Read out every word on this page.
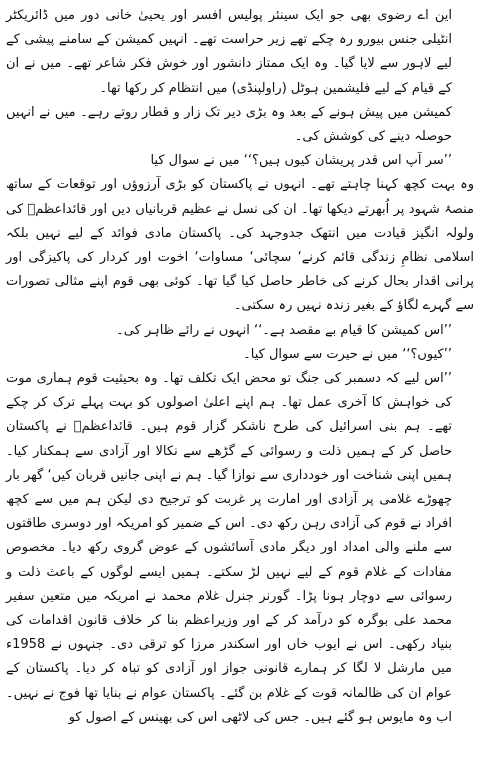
این اے رضوی بھی جو ایک سینئر پولیس افسر اور یحییٰ خانی دور میں ڈائریکٹر انٹیلی جنس بیورو رہ چکے تھے زیر حراست تھے۔ انہیں کمیشن کے سامنے پیشی کے لیے لاہور سے لایا گیا۔ وہ ایک ممتاز دانشور اور خوش فکر شاعر تھے۔ میں نے ان کے قیام کے لیے فلیشمین ہوٹل (راولپنڈی) میں انتظام کر رکھا تھا۔

کمیشن میں پیش ہونے کے بعد وہ بڑی دیر تک زار و قطار روتے رہے۔ میں نے انہیں حوصلہ دینے کی کوشش کی۔

’’سر آپ اس قدر پریشان کیوں ہیں؟‘‘ میں نے سوال کیا

وہ بہت کچھ کہنا چاہتے تھے۔ انہوں نے پاکستان کو بڑی آرزوؤں اور توقعات کے ساتھ منصۂ شہود پر اُبھرتے دیکھا تھا۔ ان کی نسل نے عظیم قربانیاں دیں اور قائداعظمؒ کی ولولہ انگیز قیادت میں انتھک جدوجہد کی۔ پاکستان مادی فوائد کے لیے نہیں بلکہ اسلامی نظامِ زندگی قائم کرنے‘ سچائی‘ مساوات‘ اخوت اور کردار کی پاکیزگی اور پرانی اقدار بحال کرنے کی خاطر حاصل کیا گیا تھا۔ کوئی بھی قوم اپنے مثالی تصورات سے گہرے لگاؤ کے بغیر زندہ نہیں رہ سکتی۔

’’اس کمیشن کا قیام بے مقصد ہے۔‘‘ انہوں نے رائے ظاہر کی۔

’’کیوں؟‘‘ میں نے حیرت سے سوال کیا۔

’’اس لیے کہ دسمبر کی جنگ تو محض ایک تکلف تھا۔ وہ بحیثیت قوم ہماری موت کی خواہش کا آخری عمل تھا۔ ہم اپنے اعلیٰ اصولوں کو بہت پہلے ترک کر چکے تھے۔ ہم بنی اسرائیل کی طرح ناشکر گزار قوم ہیں۔ قائداعظمؒ نے پاکستان حاصل کر کے ہمیں ذلت و رسوائی کے گڑھے سے نکالا اور آزادی سے ہمکنار کیا۔ ہمیں اپنی شناخت اور خودداری سے نوازا گیا۔ ہم نے اپنی جانیں قربان کیں‘ گھر بار چھوڑے غلامی پر آزادی اور امارت پر غربت کو ترجیح دی لیکن ہم میں سے کچھ افراد نے قوم کی آزادی رہن رکھ دی۔ اس کے ضمیر کو امریکہ اور دوسری طاقتوں سے ملنے والی امداد اور دیگر مادی آسائشوں کے عوض گروی رکھ دیا۔ مخصوص مفادات کے غلام قوم کے لیے نہیں لڑ سکتے۔ ہمیں ایسے لوگوں کے باعث ذلت و رسوائی سے دوچار ہونا پڑا۔ گورنر جنرل غلام محمد نے امریکہ میں متعین سفیر محمد علی بوگرہ کو درآمد کر کے اور وزیراعظم بنا کر خلاف قانون اقدامات کی بنیاد رکھی۔ اس نے ایوب خاں اور اسکندر مرزا کو ترقی دی۔ جنہوں نے 1958ء میں مارشل لا لگا کر ہمارے قانونی جواز اور آزادی کو تباہ کر دیا۔ پاکستان کے عوام ان کی ظالمانہ قوت کے غلام بن گئے۔ پاکستان عوام نے بنایا تھا فوج نے نہیں۔ اب وہ مایوس ہو گئے ہیں۔ جس کی لاٹھی اس کی بھینس کے اصول کو
